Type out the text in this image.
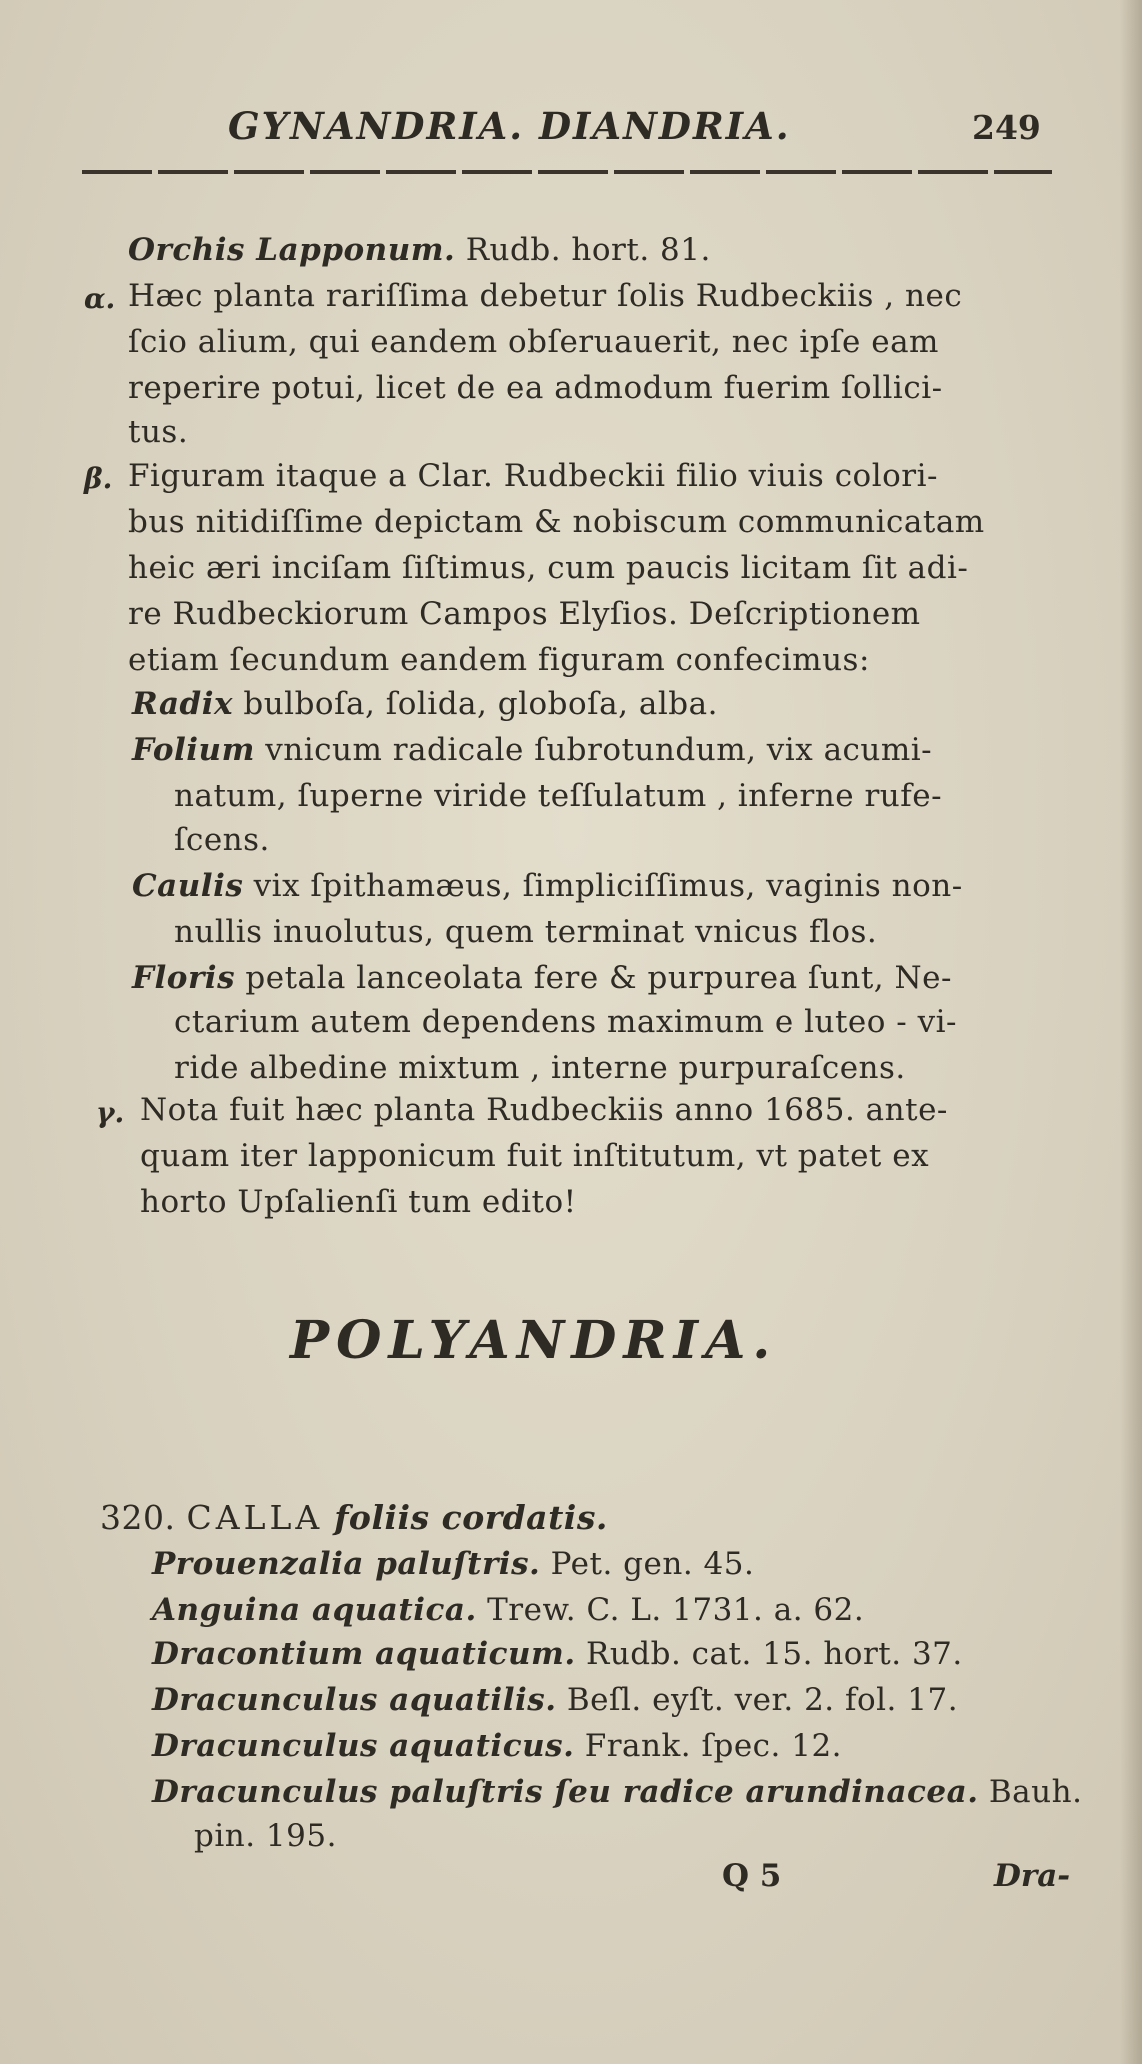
GYNANDRIA. DIANDRIA.	249
Orchis Lapponum. Rudb. hort. 81.
α. Hæc planta rariſſima debetur ſolis Rudbeckiis , nec
ſcio alium, qui eandem obſeruauerit, nec ipſe eam
reperire potui, licet de ea admodum fuerim ſollici-
tus.
β. Figuram itaque a Clar. Rudbeckii filio viuis colori-
bus nitidiſſime depictam & nobiscum communicatam
heic æri inciſam ſiſtimus, cum paucis licitam ſit adi-
re Rudbeckiorum Campos Elyſios. Deſcriptionem
etiam ſecundum eandem figuram confecimus:
Radix bulboſa, ſolida, globoſa, alba.
Folium vnicum radicale ſubrotundum, vix acumi-
natum, ſuperne viride teſſulatum , inferne rufe-
ſcens.
Caulis vix ſpithamæus, ſimpliciſſimus, vaginis non-
nullis inuolutus, quem terminat vnicus flos.
Floris petala lanceolata fere & purpurea ſunt, Ne-
ctarium autem dependens maximum e luteo - vi-
ride albedine mixtum , interne purpuraſcens.
γ. Nota fuit hæc planta Rudbeckiis anno 1685. ante-
quam iter lapponicum fuit inſtitutum, vt patet ex
horto Upſalienſi tum edito!
POLYANDRIA.
320. CALLA foliis cordatis.
Prouenzalia paluſtris. Pet. gen. 45.
Anguina aquatica. Trew. C. L. 1731. a. 62.
Dracontium aquaticum. Rudb. cat. 15. hort. 37.
Dracunculus aquatilis. Beſl. eyſt. ver. 2. fol. 17.
Dracunculus aquaticus. Frank. ſpec. 12.
Dracunculus paluſtris ſeu radice arundinacea. Bauh.
pin. 195.
Q 5	Dra-
